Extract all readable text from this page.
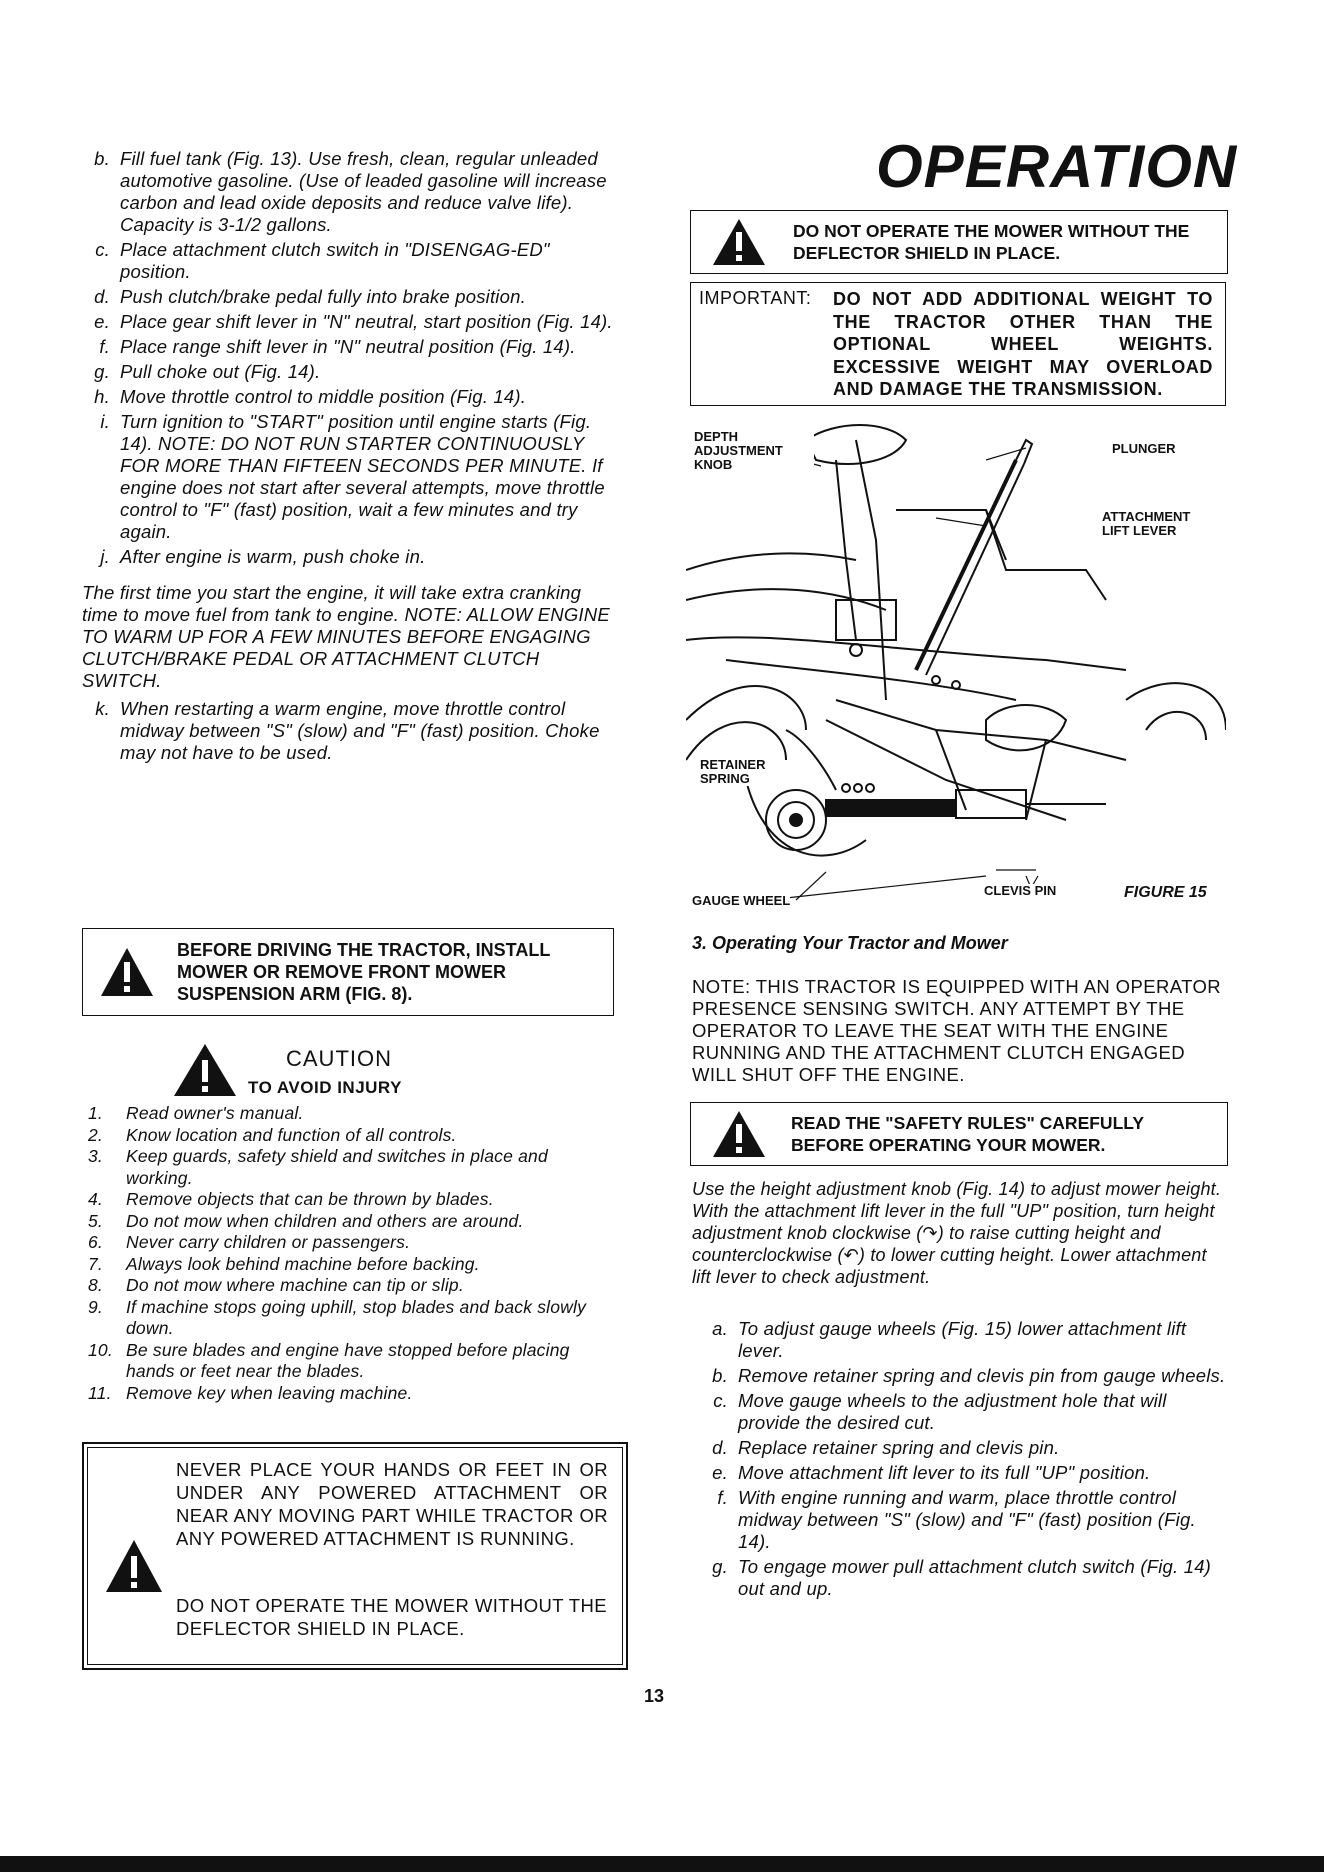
b. Fill fuel tank (Fig. 13). Use fresh, clean, regular unleaded automotive gasoline. (Use of leaded gasoline will increase carbon and lead oxide deposits and reduce valve life). Capacity is 3-1/2 gallons.
c. Place attachment clutch switch in "DISENGAG-ED" position.
d. Push clutch/brake pedal fully into brake position.
e. Place gear shift lever in "N" neutral, start position (Fig. 14).
f. Place range shift lever in "N" neutral position (Fig. 14).
g. Pull choke out (Fig. 14).
h. Move throttle control to middle position (Fig. 14).
i. Turn ignition to "START" position until engine starts (Fig. 14). NOTE: DO NOT RUN STARTER CONTINUOUSLY FOR MORE THAN FIFTEEN SECONDS PER MINUTE. If engine does not start after several attempts, move throttle control to "F" (fast) position, wait a few minutes and try again.
j. After engine is warm, push choke in.

The first time you start the engine, it will take extra cranking time to move fuel from tank to engine. NOTE: ALLOW ENGINE TO WARM UP FOR A FEW MINUTES BEFORE ENGAGING CLUTCH/BRAKE PEDAL OR ATTACHMENT CLUTCH SWITCH.

k. When restarting a warm engine, move throttle control midway between "S" (slow) and "F" (fast) position. Choke may not have to be used.
BEFORE DRIVING THE TRACTOR, INSTALL MOWER OR REMOVE FRONT MOWER SUSPENSION ARM (FIG. 8).
CAUTION
TO AVOID INJURY
1.	Read owner's manual.
2.	Know location and function of all controls.
3.	Keep guards, safety shield and switches in place and working.
4.	Remove objects that can be thrown by blades.
5.	Do not mow when children and others are around.
6.	Never carry children or passengers.
7.	Always look behind machine before backing.
8.	Do not mow where machine can tip or slip.
9.	If machine stops going uphill, stop blades and back slowly down.
10. Be sure blades and engine have stopped before placing hands or feet near the blades.
11. Remove key when leaving machine.
NEVER PLACE YOUR HANDS OR FEET IN OR UNDER ANY POWERED ATTACHMENT OR NEAR ANY MOVING PART WHILE TRACTOR OR ANY POWERED ATTACHMENT IS RUNNING.
DO NOT OPERATE THE MOWER WITHOUT THE DEFLECTOR SHIELD IN PLACE.
OPERATION
DO NOT OPERATE THE MOWER WITHOUT THE DEFLECTOR SHIELD IN PLACE.
IMPORTANT: DO NOT ADD ADDITIONAL WEIGHT TO THE TRACTOR OTHER THAN THE OPTIONAL WHEEL WEIGHTS. EXCESSIVE WEIGHT MAY OVERLOAD AND DAMAGE THE TRANSMISSION.
DEPTH ADJUSTMENT KNOB
PLUNGER
ATTACHMENT LIFT LEVER
RETAINER SPRING
GAUGE WHEEL
CLEVIS PIN	FIGURE 15
3. Operating Your Tractor and Mower
NOTE: THIS TRACTOR IS EQUIPPED WITH AN OPERATOR PRESENCE SENSING SWITCH. ANY ATTEMPT BY THE OPERATOR TO LEAVE THE SEAT WITH THE ENGINE RUNNING AND THE ATTACHMENT CLUTCH ENGAGED WILL SHUT OFF THE ENGINE.
READ THE "SAFETY RULES" CAREFULLY BEFORE OPERATING YOUR MOWER.
Use the height adjustment knob (Fig. 14) to adjust mower height. With the attachment lift lever in the full "UP" position, turn height adjustment knob clockwise (↷) to raise cutting height and counterclockwise (↶) to lower cutting height. Lower attachment lift lever to check adjustment.
a. To adjust gauge wheels (Fig. 15) lower attachment lift lever.
b. Remove retainer spring and clevis pin from gauge wheels.
c. Move gauge wheels to the adjustment hole that will provide the desired cut.
d. Replace retainer spring and clevis pin.
e. Move attachment lift lever to its full "UP" position.
f. With engine running and warm, place throttle control midway between "S" (slow) and "F" (fast) position (Fig. 14).
g. To engage mower pull attachment clutch switch (Fig. 14) out and up.
13
